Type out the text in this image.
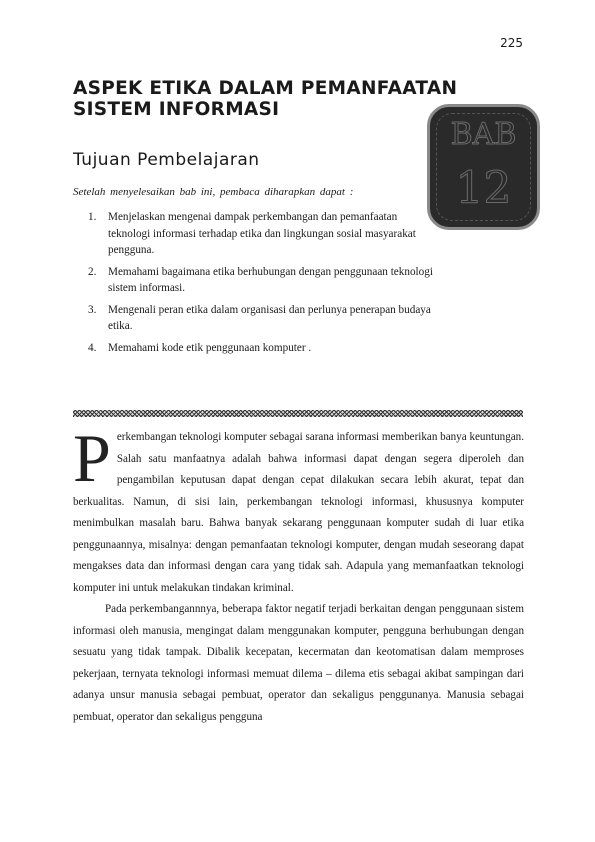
225
ASPEK ETIKA DALAM PEMANFAATAN
SISTEM INFORMASI
BAB
12
Tujuan Pembelajaran
Setelah menyelesaikan bab ini, pembaca diharapkan dapat :
1. Menjelaskan mengenai dampak perkembangan dan pemanfaatan teknologi informasi terhadap etika dan lingkungan sosial masyarakat pengguna.
2. Memahami bagaimana etika berhubungan dengan penggunaan teknologi sistem informasi.
3. Mengenali peran etika dalam organisasi dan perlunya penerapan budaya etika.
4. Memahami kode etik penggunaan komputer .

Perkembangan teknologi komputer sebagai sarana informasi memberikan banya keuntungan. Salah satu manfaatnya adalah bahwa informasi dapat dengan segera diperoleh dan pengambilan keputusan dapat dengan cepat dilakukan secara lebih akurat, tepat dan berkualitas. Namun, di sisi lain, perkembangan teknologi informasi, khususnya komputer menimbulkan masalah baru. Bahwa banyak sekarang penggunaan komputer sudah di luar etika penggunaannya, misalnya: dengan pemanfaatan teknologi komputer, dengan mudah seseorang dapat mengakses data dan informasi dengan cara yang tidak sah. Adapula yang memanfaatkan teknologi komputer ini untuk melakukan tindakan kriminal.

Pada perkembangannnya, beberapa faktor negatif terjadi berkaitan dengan penggunaan sistem informasi oleh manusia, mengingat dalam menggunakan komputer, pengguna berhubungan dengan sesuatu yang tidak tampak. Dibalik kecepatan, kecermatan dan keotomatisan dalam memproses pekerjaan, ternyata teknologi informasi memuat dilema – dilema etis sebagai akibat sampingan dari adanya unsur manusia sebagai pembuat, operator dan sekaligus penggunanya. Manusia sebagai pembuat, operator dan sekaligus pengguna
